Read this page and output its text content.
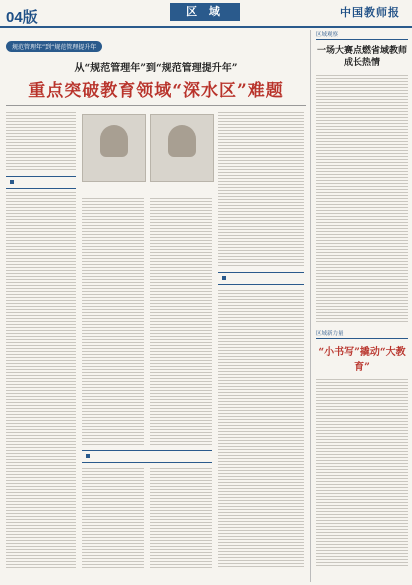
04版	区 域	中国教师报
规范管理年”到“规范管理提升年
从“规范管理年”到“规范管理提升年”
重点突破教育领域“深水区”难题
区域观察
一场大赛点燃省域教师成长热情
区域新力量
“小书写”撬动“大教育”
